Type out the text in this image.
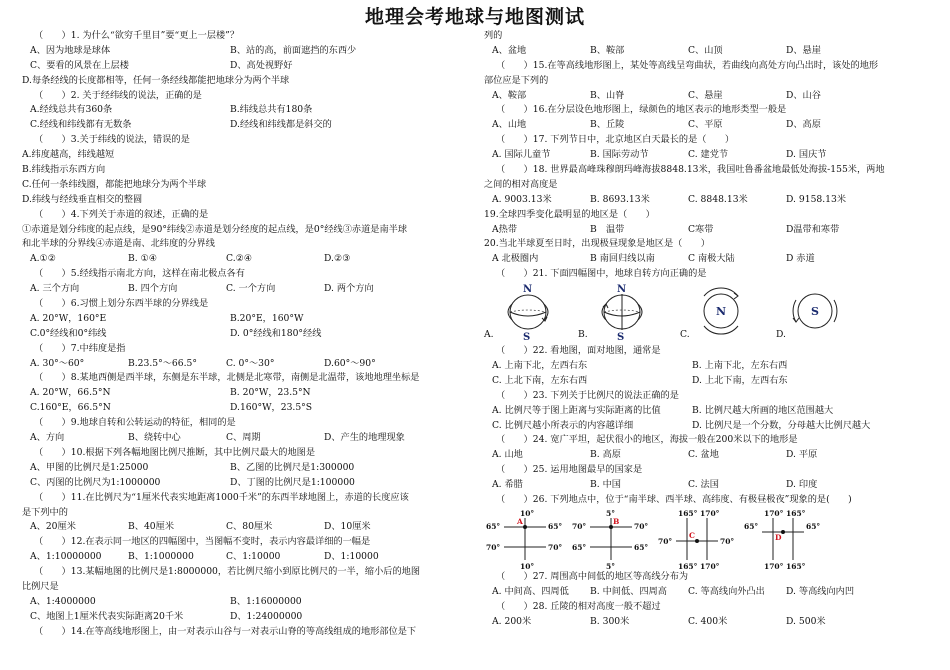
地理会考地球与地图测试
（　　）1. 为什么“欲穷千里目”要“更上一层楼”？
A、因为地球是球体	B、站的高，前面遮挡的东西少
C、要看的风景在上层楼	D、高处视野好
D.每条经线的长度都相等，任何一条经线都能把地球分为两个半球
（　　）2. 关于经纬线的说法，正确的是
A.经线总共有360条	B.纬线总共有180条
C.经线和纬线都有无数条	D.经线和纬线都是斜交的
（　　）3.关于纬线的说法，错误的是
A.纬度越高，纬线越短
B.纬线指示东西方向
C.任何一条纬线圈，都能把地球分为两个半球
D.纬线与经线垂直相交的整圆
（　　）4.下列关于赤道的叙述，正确的是
①赤道是划分纬度的起点线，是90°纬线②赤道是划分经度的起点线，是0°经线③赤道是南半球
和北半球的分界线④赤道是南、北纬度的分界线
A.①②	B. ①④	C.②④	D.②③
（　　）5.经线指示南北方向，这样在南北极点各有
A. 三个方向	B. 四个方向	C. 一个方向	D. 两个方向
（　　）6.习惯上划分东西半球的分界线是
A. 20°W，160°E	B.20°E，160°W
C.0°经线和0°纬线	D. 0°经线和180°经线
（　　）7.中纬度是指
A. 30°～60°	B.23.5°～66.5°	C. 0°～30°	D.60°～90°
（　　）8.某地西侧是西半球，东侧是东半球，北侧是北寒带，南侧是北温带，该地地理坐标是
A. 20°W，66.5°N	B. 20°W，23.5°N
C.160°E，66.5°N	D.160°W，23.5°S
（　　）9.地球自转和公转运动的特征，相同的是
A、方向	B、绕转中心	C、周期	D、产生的地理现象
（　　）10.根据下列各幅地图比例尺推断，其中比例尺最大的地图是
A、甲图的比例尺是1:25000	B、乙图的比例尺是1:300000
C、丙图的比例尺为1:1000000	D、丁图的比例尺是1:100000
（　　）11.在比例尺为“1厘米代表实地距离1000千米”的东西半球地图上，赤道的长度应该
是下列中的
A、20厘米	B、40厘米	C、80厘米	D、10厘米
（　　）12.在表示同一地区的四幅图中，当图幅不变时，表示内容最详细的一幅是
A、1:10000000	B、1:1000000	C、1:10000	D、1:10000
（　　）13.某幅地图的比例尺是1:8000000，若比例尺缩小到原比例尺的一半，缩小后的地图
比例尺是
A、1:4000000	B、1:16000000
C、地图上1厘米代表实际距离20千米	D、1:24000000
（　　）14.在等高线地形图上，由一对表示山谷与一对表示山脊的等高线组成的地形部位是下
列的
A、盆地	B、鞍部	C、山顶	D、悬崖
（　　）15.在等高线地形图上，某处等高线呈弯曲状，若曲线向高处方向凸出时，该处的地形
部位应是下列的
A、鞍部	B、山脊	C、悬崖	D、山谷
（　　）16.在分层设色地形图上，绿颜色的地区表示的地形类型一般是
A、山地	B、丘陵	C、平原	D、高原
（　　）17. 下列节日中，北京地区白天最长的是（　　）
A. 国际儿童节	B. 国际劳动节	C. 建党节	D. 国庆节
（　　）18. 世界最高峰珠穆朗玛峰海拔8848.13米，我国吐鲁番盆地最低处海拔-155米，两地
之间的相对高度是
A. 9003.13米	B. 8693.13米	C. 8848.13米	D. 9158.13米
19.全球四季变化最明显的地区是（　　）
A热带	B　温带	C寒带	D温带和寒带
20.当北半球夏至日时，出现极昼现象是地区是（　　）
A 北极圈内	B 南回归线以南	C 南极大陆	D 赤道
（　　）21. 下面四幅图中，地球自转方向正确的是
A.
N
S	B.
N
S	C.
N
D.
S
（　　）22. 看地图，面对地图，通常是
A. 上南下北，左西右东	B. 上南下北，左东右西
C. 上北下南，左东右西	D. 上北下南，左西右东
（　　）23. 下列关于比例尺的说法正确的是
A. 比例尺等于图上距离与实际距离的比值	B. 比例尺越大所画的地区范围越大
C. 比例尺越小所表示的内容越详细	D. 比例尺是一个分数，分母越大比例尺越大
（　　）24. 宽广平坦，起伏很小的地区，海拔一般在200米以下的地形是
A. 山地	B. 高原	C. 盆地	D. 平原
（　　）25. 运用地图最早的国家是
A. 希腊	B. 中国	C. 法国	D. 印度
（　　）26. 下列地点中，位于“南半球、西半球、高纬度、有极昼极夜”现象的是(　　)
10°
10°
65°
70°
65°
70°
A
5°
5°
70°
65°
70°
65°
B
165° 170°
165° 170°
70°	70°
C
170° 165°
170° 165°
65°	65°
D
（　　）27. 周围高中间低的地区等高线分布为
A. 中间高、四周低 B. 中间低、四周高 C. 等高线向外凸出 D. 等高线向内凹
（　　）28. 丘陵的相对高度一般不超过
A. 200米	B. 300米	C. 400米	D. 500米
